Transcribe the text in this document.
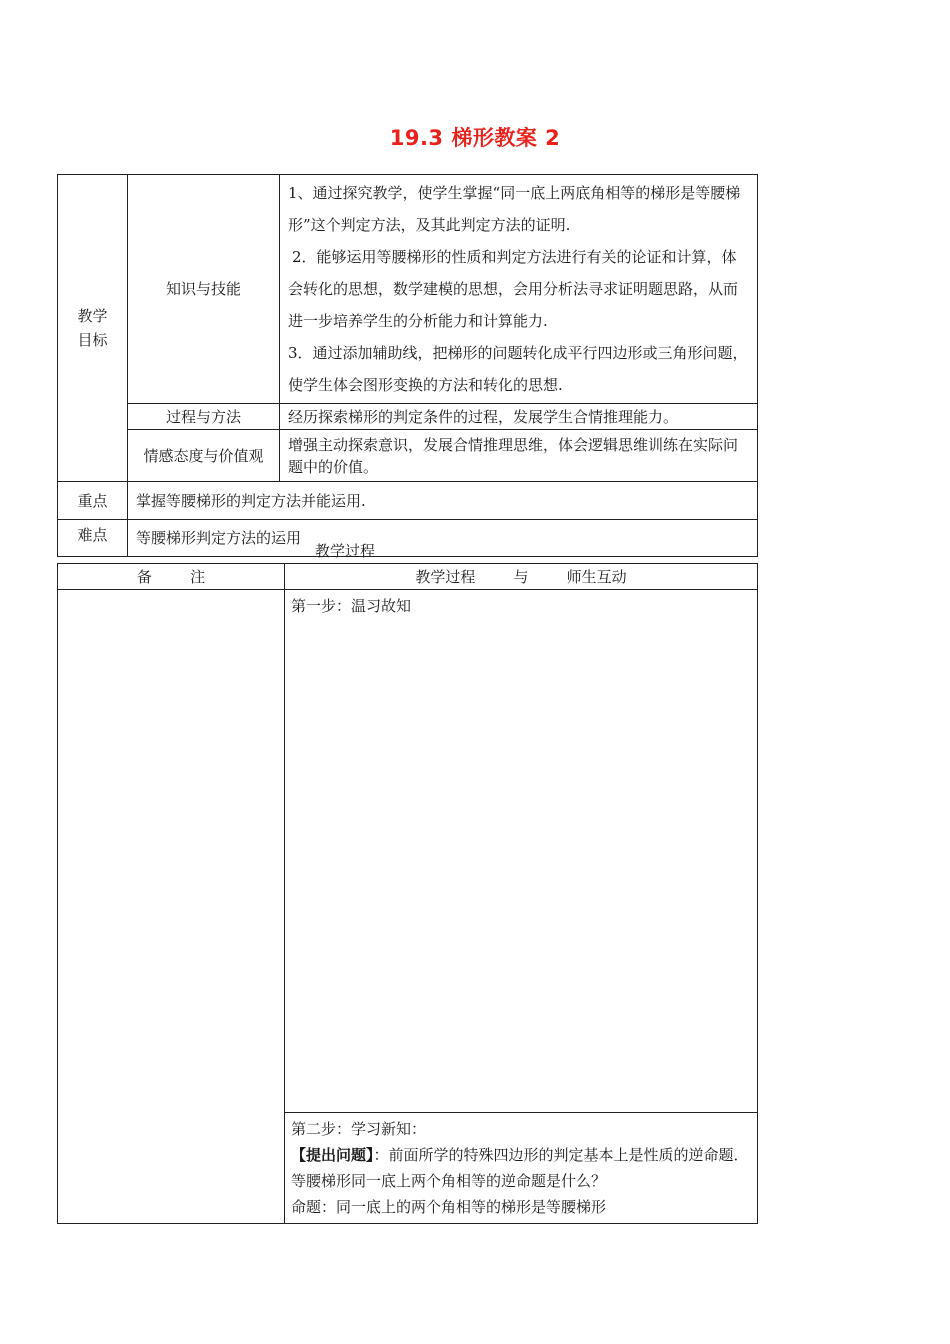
19.3 梯形教案 2
教学目标	知识与技能	1、通过探究教学，使学生掌握“同一底上两底角相等的梯形是等腰梯形”这个判定方法，及其此判定方法的证明.

2．能够运用等腰梯形的性质和判定方法进行有关的论证和计算，体会转化的思想，数学建模的思想，会用分析法寻求证明题思路，从而进一步培养学生的分析能力和计算能力.

3．通过添加辅助线，把梯形的问题转化成平行四边形或三角形问题，使学生体会图形变换的方法和转化的思想.

	过程与方法	经历探索梯形的判定条件的过程，发展学生合情推理能力。
	情感态度与价值观	增强主动探索意识，发展合情推理思维，体会逻辑思维训练在实际问题中的价值。
重点	掌握等腰梯形的判定方法并能运用.	
难点	等腰梯形判定方法的运用	
教学过程
备        注	教学过程        与        师生互动

	第一步：温习故知

	第二步：学习新知：

【提出问题】：前面所学的特殊四边形的判定基本上是性质的逆命题．等腰梯形同一底上两个角相等的逆命题是什么？

命题：同一底上的两个角相等的梯形是等腰梯形
